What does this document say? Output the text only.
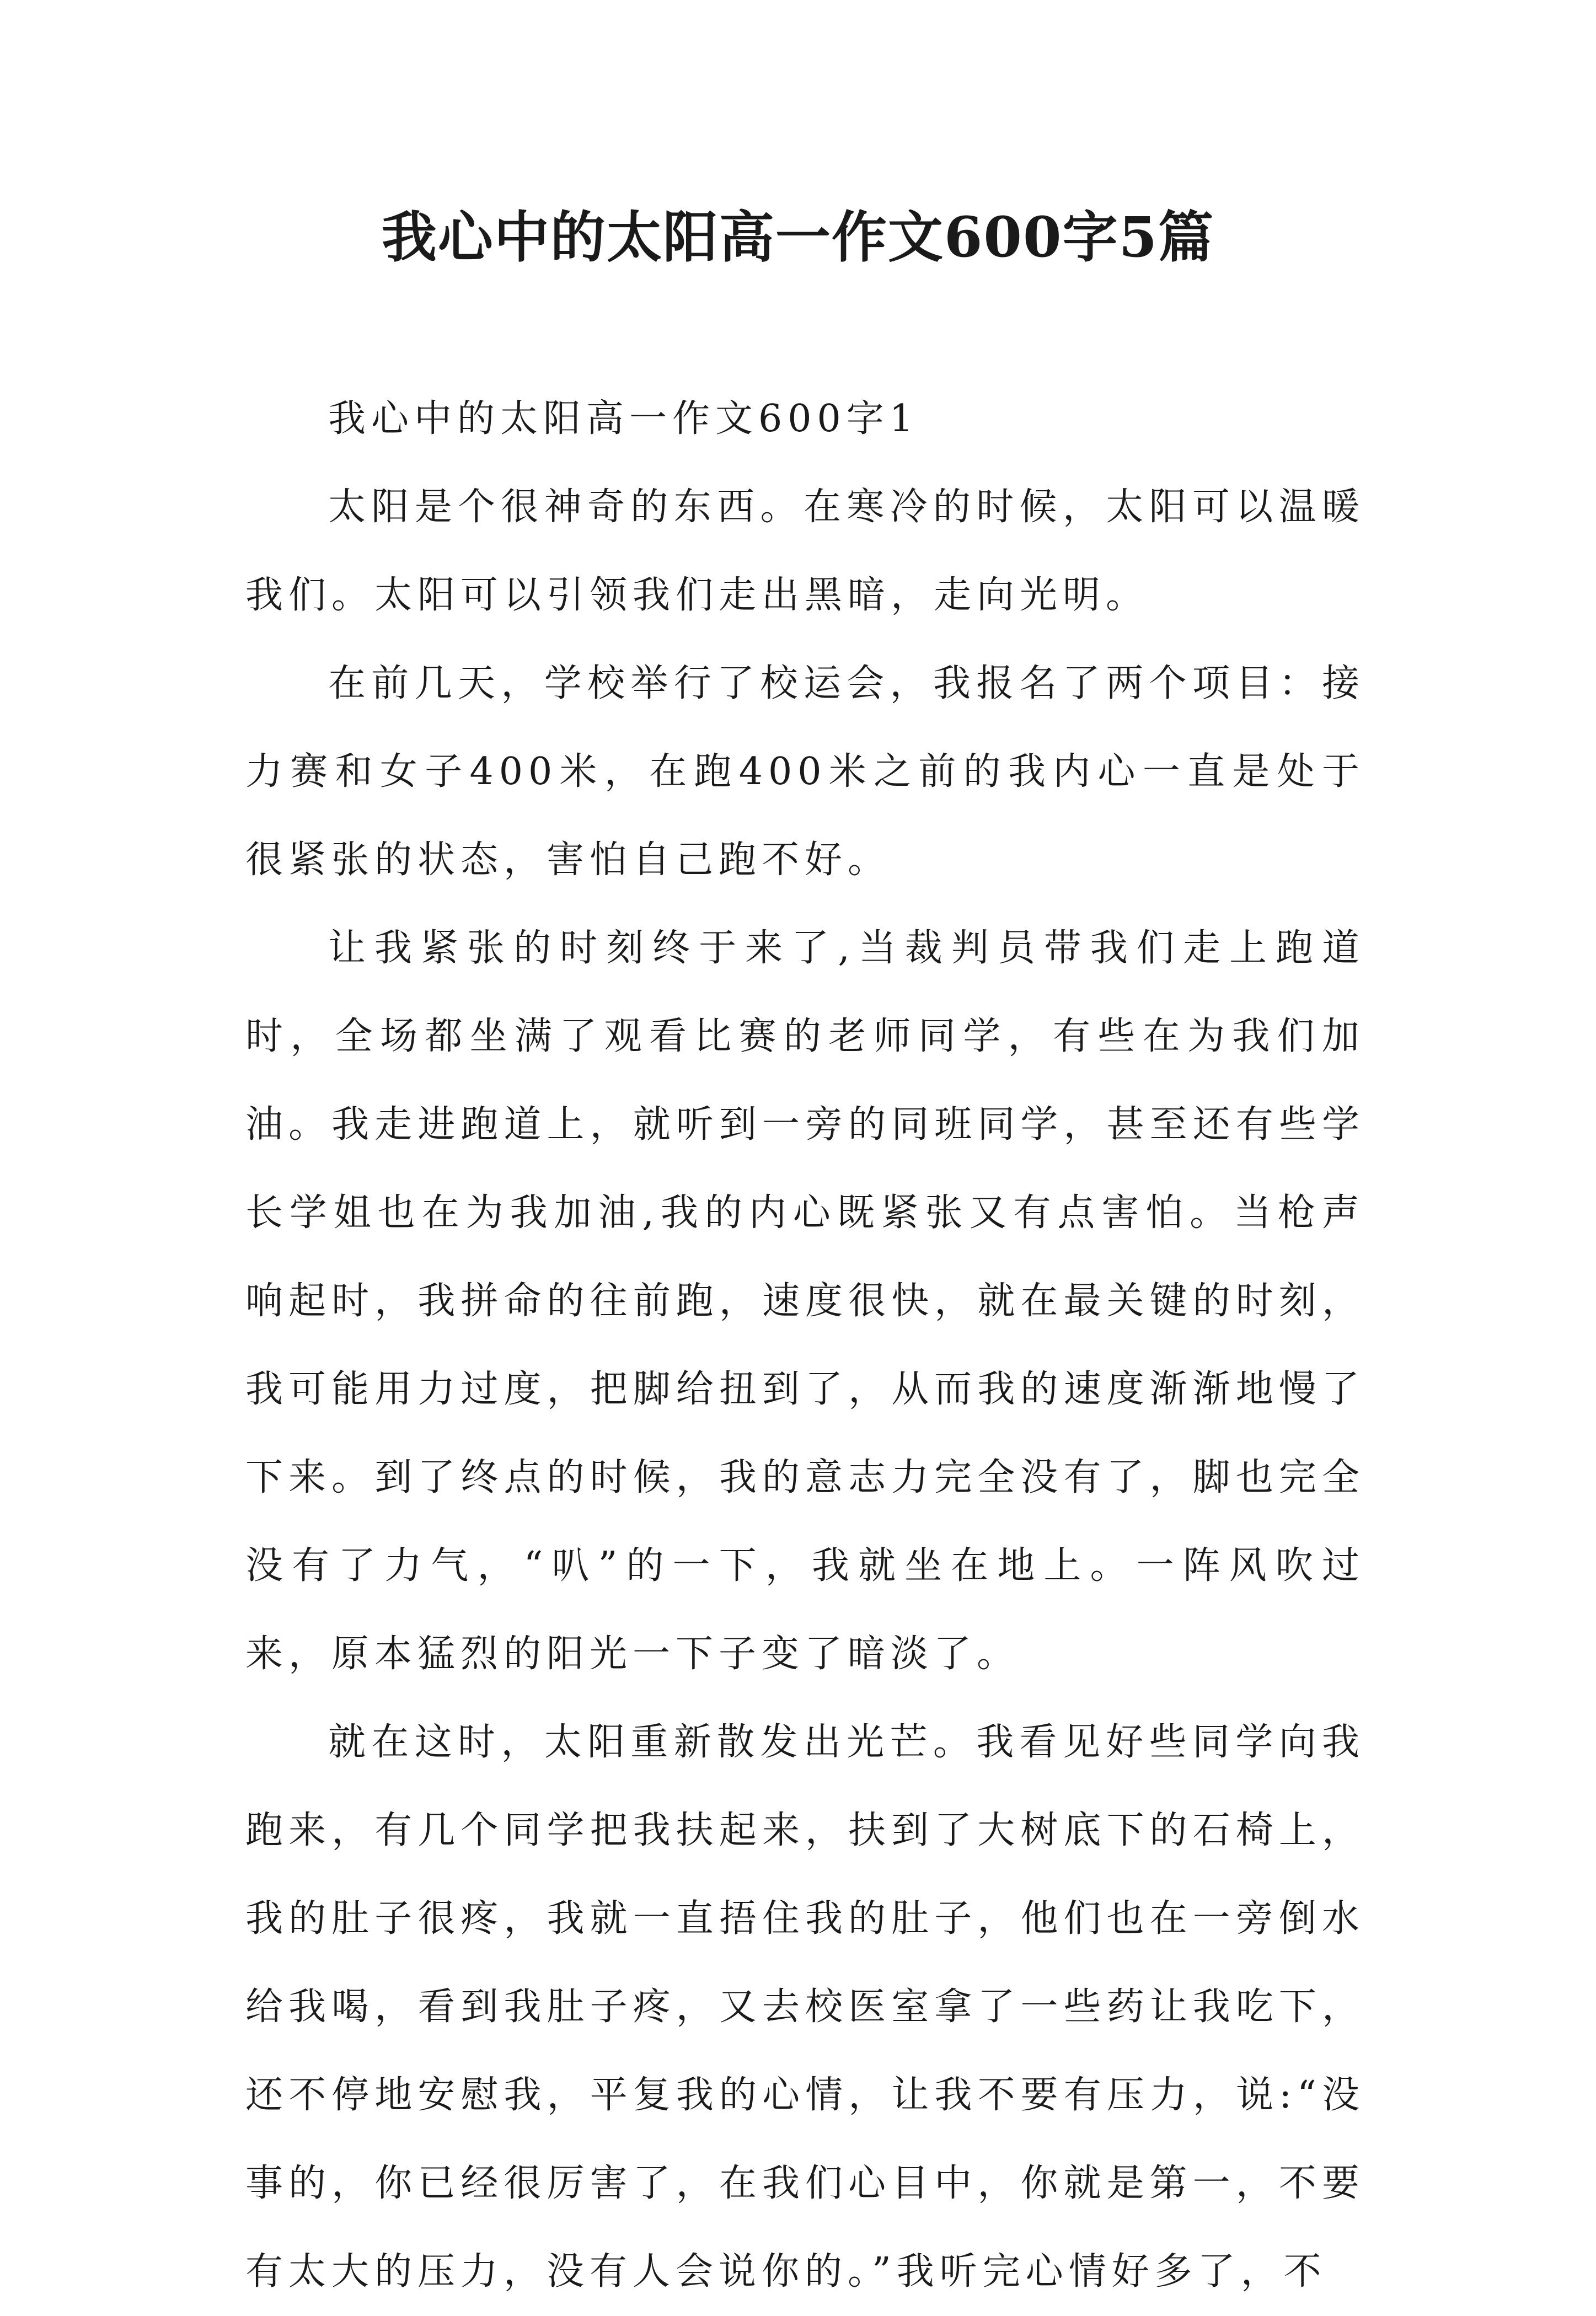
我心中的太阳高一作文600字5篇

我心中的太阳高一作文600字1

太阳是个很神奇的东西。在寒冷的时候，太阳可以温暖我们。太阳可以引领我们走出黑暗，走向光明。

在前几天，学校举行了校运会，我报名了两个项目：接力赛和女子400米，在跑400米之前的我内心一直是处于很紧张的状态，害怕自己跑不好。

让我紧张的时刻终于来了,当裁判员带我们走上跑道时，全场都坐满了观看比赛的老师同学，有些在为我们加油。我走进跑道上，就听到一旁的同班同学，甚至还有些学长学姐也在为我加油,我的内心既紧张又有点害怕。当枪声响起时，我拼命的往前跑，速度很快，就在最关键的时刻，我可能用力过度，把脚给扭到了，从而我的速度渐渐地慢了下来。到了终点的时候，我的意志力完全没有了，脚也完全没有了力气，“叭”的一下，我就坐在地上。一阵风吹过来，原本猛烈的阳光一下子变了暗淡了。

就在这时，太阳重新散发出光芒。我看见好些同学向我跑来，有几个同学把我扶起来，扶到了大树底下的石椅上，我的肚子很疼，我就一直捂住我的肚子，他们也在一旁倒水给我喝，看到我肚子疼，又去校医室拿了一些药让我吃下，还不停地安慰我，平复我的心情，让我不要有压力，说:“没事的，你已经很厉害了，在我们心目中，你就是第一，不要有太大的压力，没有人会说你的。”我听完心情好多了，不
